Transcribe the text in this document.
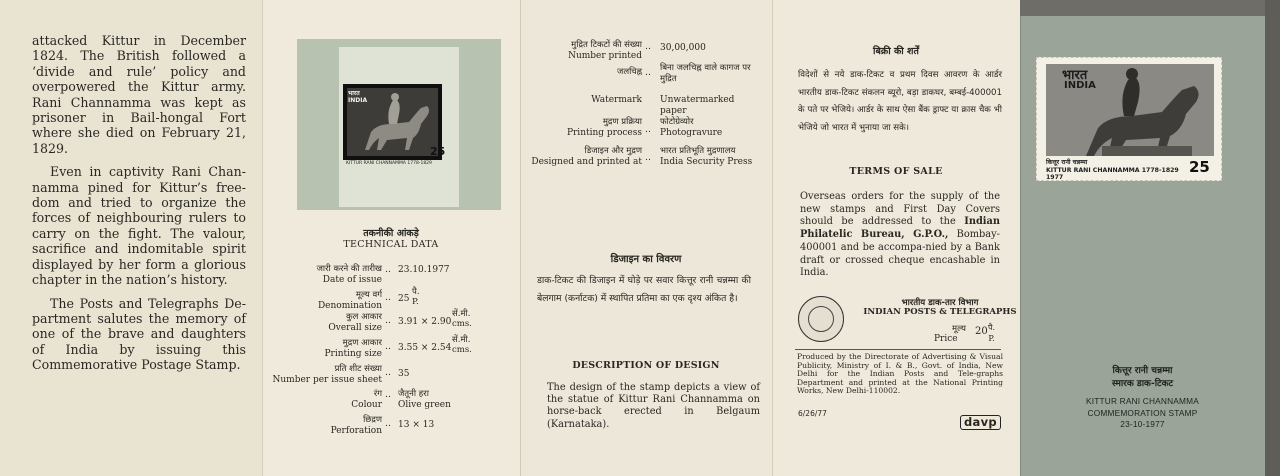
attacked Kittur in December 1824. The British followed a ‘divide and rule’ policy and overpowered the Kittur army. Rani Channamma was kept as prisoner in Bail-hongal Fort where she died on February 21, 1829.

Even in captivity Rani Chan-namma pined for Kittur’s free-dom and tried to organize the forces of neighbouring rulers to carry on the fight. The valour, sacrifice and indomitable spirit displayed by her form a glorious chapter in the nation’s history.

The Posts and Telegraphs De-partment salutes the memory of one of the brave and daughters of India by issuing this Commemorative Postage Stamp.

भारत
INDIA
25
KITTUR RANI CHANNAMMA 1778-1829
तकनीकी आंकड़े
TECHNICAL DATA
जारी करने की तारीख
Date of issue
‥ 23.10.1977
मूल्य वर्ग
Denomination
‥ 25
पै.
P.
कुल आकार
Overall size
‥ 3.91 × 2.90
सें.मी.
cms.
मुद्रण आकार
Printing size
‥ 3.55 × 2.54
सें.मी.
cms.
प्रति शीट संख्या
Number per issue sheet
‥ 35
रंग
Colour
‥ जैतूनी हरा
Olive green
छिद्रण
Perforation
‥ 13 × 13
मुद्रित टिकटों की संख्या
Number printed
‥ 30,00,000
जलचिह्न ‥ बिना जलचिह्न वाले कागज पर मुद्रित
Watermark Unwatermarked paper
मुद्रण प्रक्रिया
Printing process ‥
फोटोग्रेव्योर
Photogravure
डिजाइन और मुद्रण
Designed and printed at ‥
भारत प्रतिभूति मुद्रणालय
India Security Press
डिजाइन का विवरण
डाक-टिकट की डिजाइन में घोड़े पर सवार कित्तूर रानी चन्नम्मा की बेलगाम (कर्नाटक) में स्थापित प्रतिमा का एक दृश्य अंकित है।
DESCRIPTION OF DESIGN
The design of the stamp depicts a view of the statue of Kittur Rani Channamma on horse-back erected in Belgaum (Karnataka).
बिक्री की शर्तें
विदेशों से नये डाक-टिकट व प्रथम दिवस आवरण के आर्डर भारतीय डाक-टिकट संकलन ब्यूरो, बड़ा डाकघर, बम्बई-400001 के पते पर भेजिये। आर्डर के साथ ऐसा बैंक ड्राफ्ट या क्रास चैक भी भेजिये जो भारत में भुनाया जा सके।
TERMS OF SALE
Overseas orders for the supply of the new stamps and First Day Covers should be addressed to the Indian Philatelic Bureau, G.P.O., Bombay-400001 and be accompa-nied by a Bank draft or crossed cheque encashable in India.
भारतीय डाक-तार विभाग
INDIAN POSTS & TELEGRAPHS
मूल्य
Price
20 पै.
P.
Produced by the Directorate of Advertising & Visual Publicity, Ministry of I. & B., Govt. of India, New Delhi for the Indian Posts and Tele-graphs Department and printed at the National Printing Works, New Delhi-110002.
6/26/77
davp
भारत
INDIA
कित्तूर रानी चन्नम्मा
KITTUR RANI CHANNAMMA 1778-1829
1977
25
कित्तूर रानी चन्नम्मा
स्मारक डाक-टिकट
KITTUR RANI CHANNAMMA
COMMEMORATION STAMP
23-10-1977
